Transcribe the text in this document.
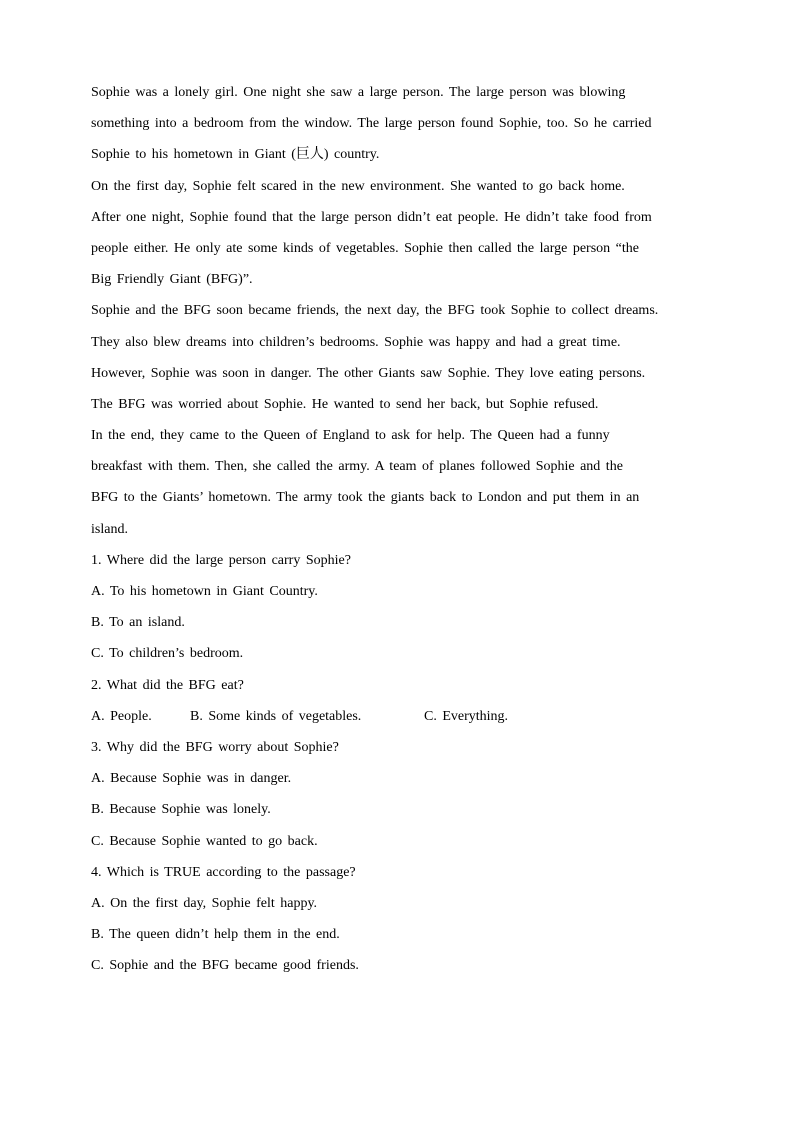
Sophie was a lonely girl. One night she saw a large person. The large person was blowing
something into a bedroom from the window. The large person found Sophie, too. So he carried
Sophie to his hometown in Giant (巨人) country.
On the first day, Sophie felt scared in the new environment. She wanted to go back home.
After one night, Sophie found that the large person didn’t eat people. He didn’t take food from
people either. He only ate some kinds of vegetables. Sophie then called the large person “the
Big Friendly Giant (BFG)”.
Sophie and the BFG soon became friends, the next day, the BFG took Sophie to collect dreams.
They also blew dreams into children’s bedrooms. Sophie was happy and had a great time.
However, Sophie was soon in danger. The other Giants saw Sophie. They love eating persons.
The BFG was worried about Sophie. He wanted to send her back, but Sophie refused.
In the end, they came to the Queen of England to ask for help. The Queen had a funny
breakfast with them. Then, she called the army. A team of planes followed Sophie and the
BFG to the Giants’ hometown. The army took the giants back to London and put them in an
island.
1. Where did the large person carry Sophie?
A. To his hometown in Giant Country.
B. To an island.
C. To children’s bedroom.
2. What did the BFG eat?
A. People.	B. Some kinds of vegetables.	C. Everything.
3. Why did the BFG worry about Sophie?
A. Because Sophie was in danger.
B. Because Sophie was lonely.
C. Because Sophie wanted to go back.
4. Which is TRUE according to the passage?
A. On the first day, Sophie felt happy.
B. The queen didn’t help them in the end.
C. Sophie and the BFG became good friends.
